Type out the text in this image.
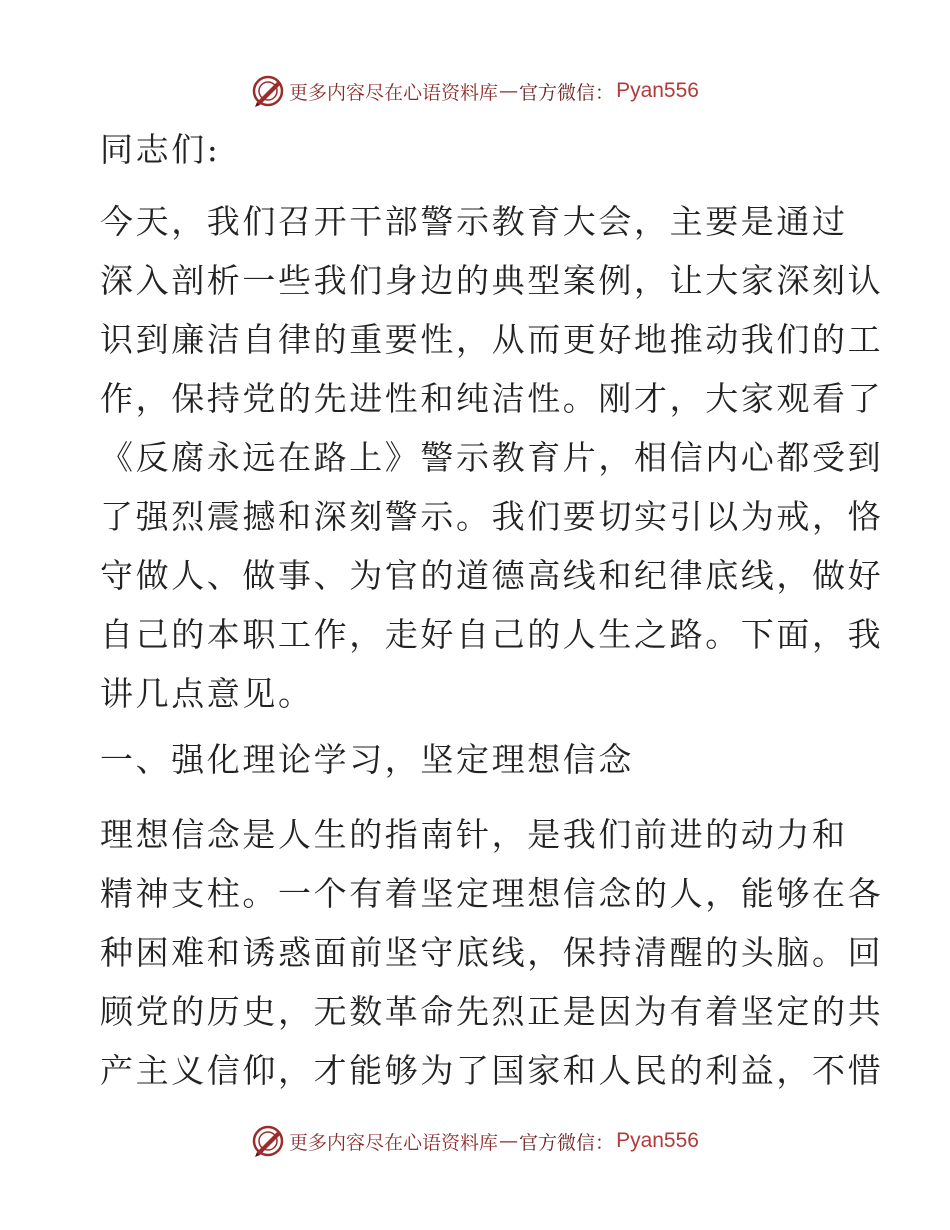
更多内容尽在心语资料库 — 官方微信： Pyan556
同志们:
今天，我们召开干部警示教育大会，主要是通过
深入剖析一些我们身边的典型案例，让大家深刻认
识到廉洁自律的重要性，从而更好地推动我们的工
作，保持党的先进性和纯洁性。刚才，大家观看了
《反腐永远在路上》警示教育片，相信内心都受到
了强烈震撼和深刻警示。我们要切实引以为戒，恪
守做人、做事、为官的道德高线和纪律底线，做好
自己的本职工作，走好自己的人生之路。下面，我
讲几点意见。
一、强化理论学习，坚定理想信念
理想信念是人生的指南针，是我们前进的动力和
精神支柱。一个有着坚定理想信念的人，能够在各
种困难和诱惑面前坚守底线，保持清醒的头脑。回
顾党的历史，无数革命先烈正是因为有着坚定的共
产主义信仰，才能够为了国家和人民的利益，不惜
更多内容尽在心语资料库 — 官方微信： Pyan556
